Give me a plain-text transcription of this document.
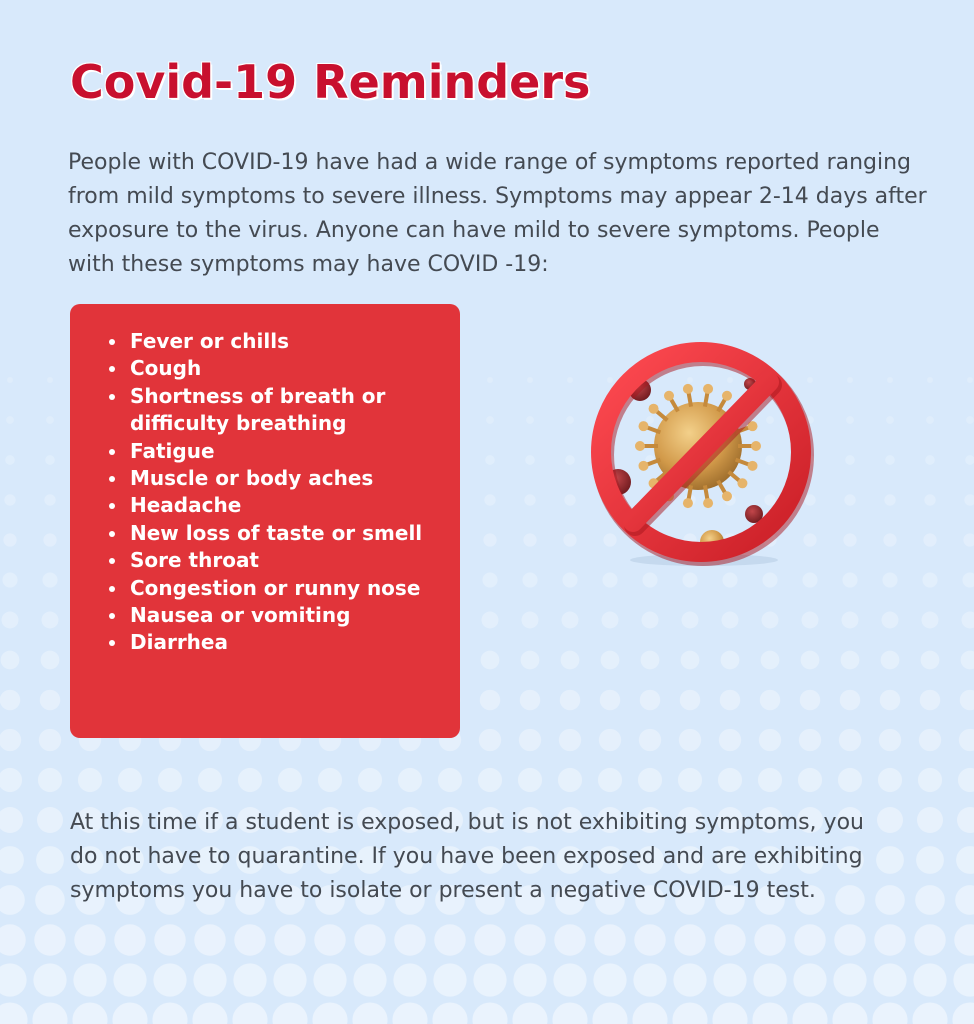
Covid-19 Reminders

People with COVID-19 have had a wide range of symptoms reported ranging from mild symptoms to severe illness. Symptoms may appear 2-14 days after exposure to the virus. Anyone can have mild to severe symptoms. People with these symptoms may have COVID -19:

• Fever or chills
• Cough
• Shortness of breath or difficulty breathing
• Fatigue
• Muscle or body aches
• Headache
• New loss of taste or smell
• Sore throat
• Congestion or runny nose
• Nausea or vomiting
• Diarrhea

At this time if a student is exposed, but is not exhibiting symptoms, you do not have to quarantine. If you have been exposed and are exhibiting symptoms you have to isolate or present a negative COVID-19 test.
